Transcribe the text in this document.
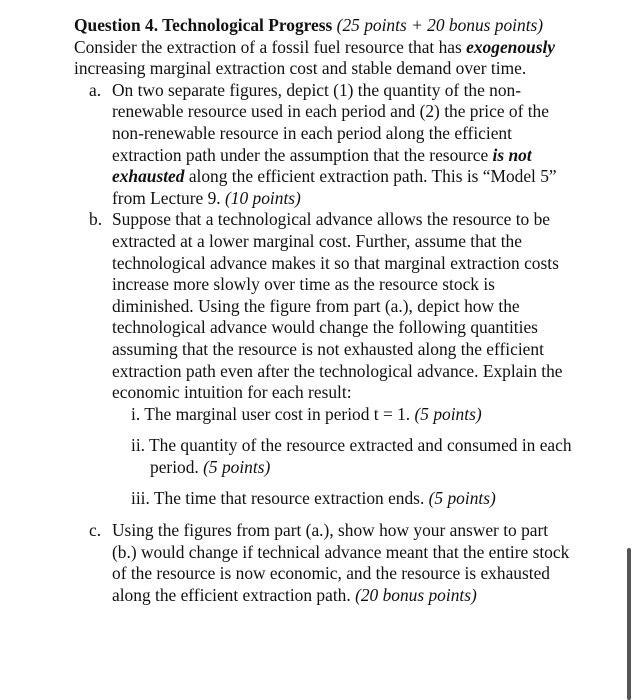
Question 4. Technological Progress (25 points + 20 bonus points)
Consider the extraction of a fossil fuel resource that has exogenously increasing marginal extraction cost and stable demand over time.
a. On two separate figures, depict (1) the quantity of the non-renewable resource used in each period and (2) the price of the non-renewable resource in each period along the efficient extraction path under the assumption that the resource is not exhausted along the efficient extraction path. This is “Model 5” from Lecture 9. (10 points)
b. Suppose that a technological advance allows the resource to be extracted at a lower marginal cost. Further, assume that the technological advance makes it so that marginal extraction costs increase more slowly over time as the resource stock is diminished. Using the figure from part (a.), depict how the technological advance would change the following quantities assuming that the resource is not exhausted along the efficient extraction path even after the technological advance. Explain the economic intuition for each result:
i. The marginal user cost in period t = 1. (5 points)
ii. The quantity of the resource extracted and consumed in each period. (5 points)
iii. The time that resource extraction ends. (5 points)
c. Using the figures from part (a.), show how your answer to part (b.) would change if technical advance meant that the entire stock of the resource is now economic, and the resource is exhausted along the efficient extraction path. (20 bonus points)
